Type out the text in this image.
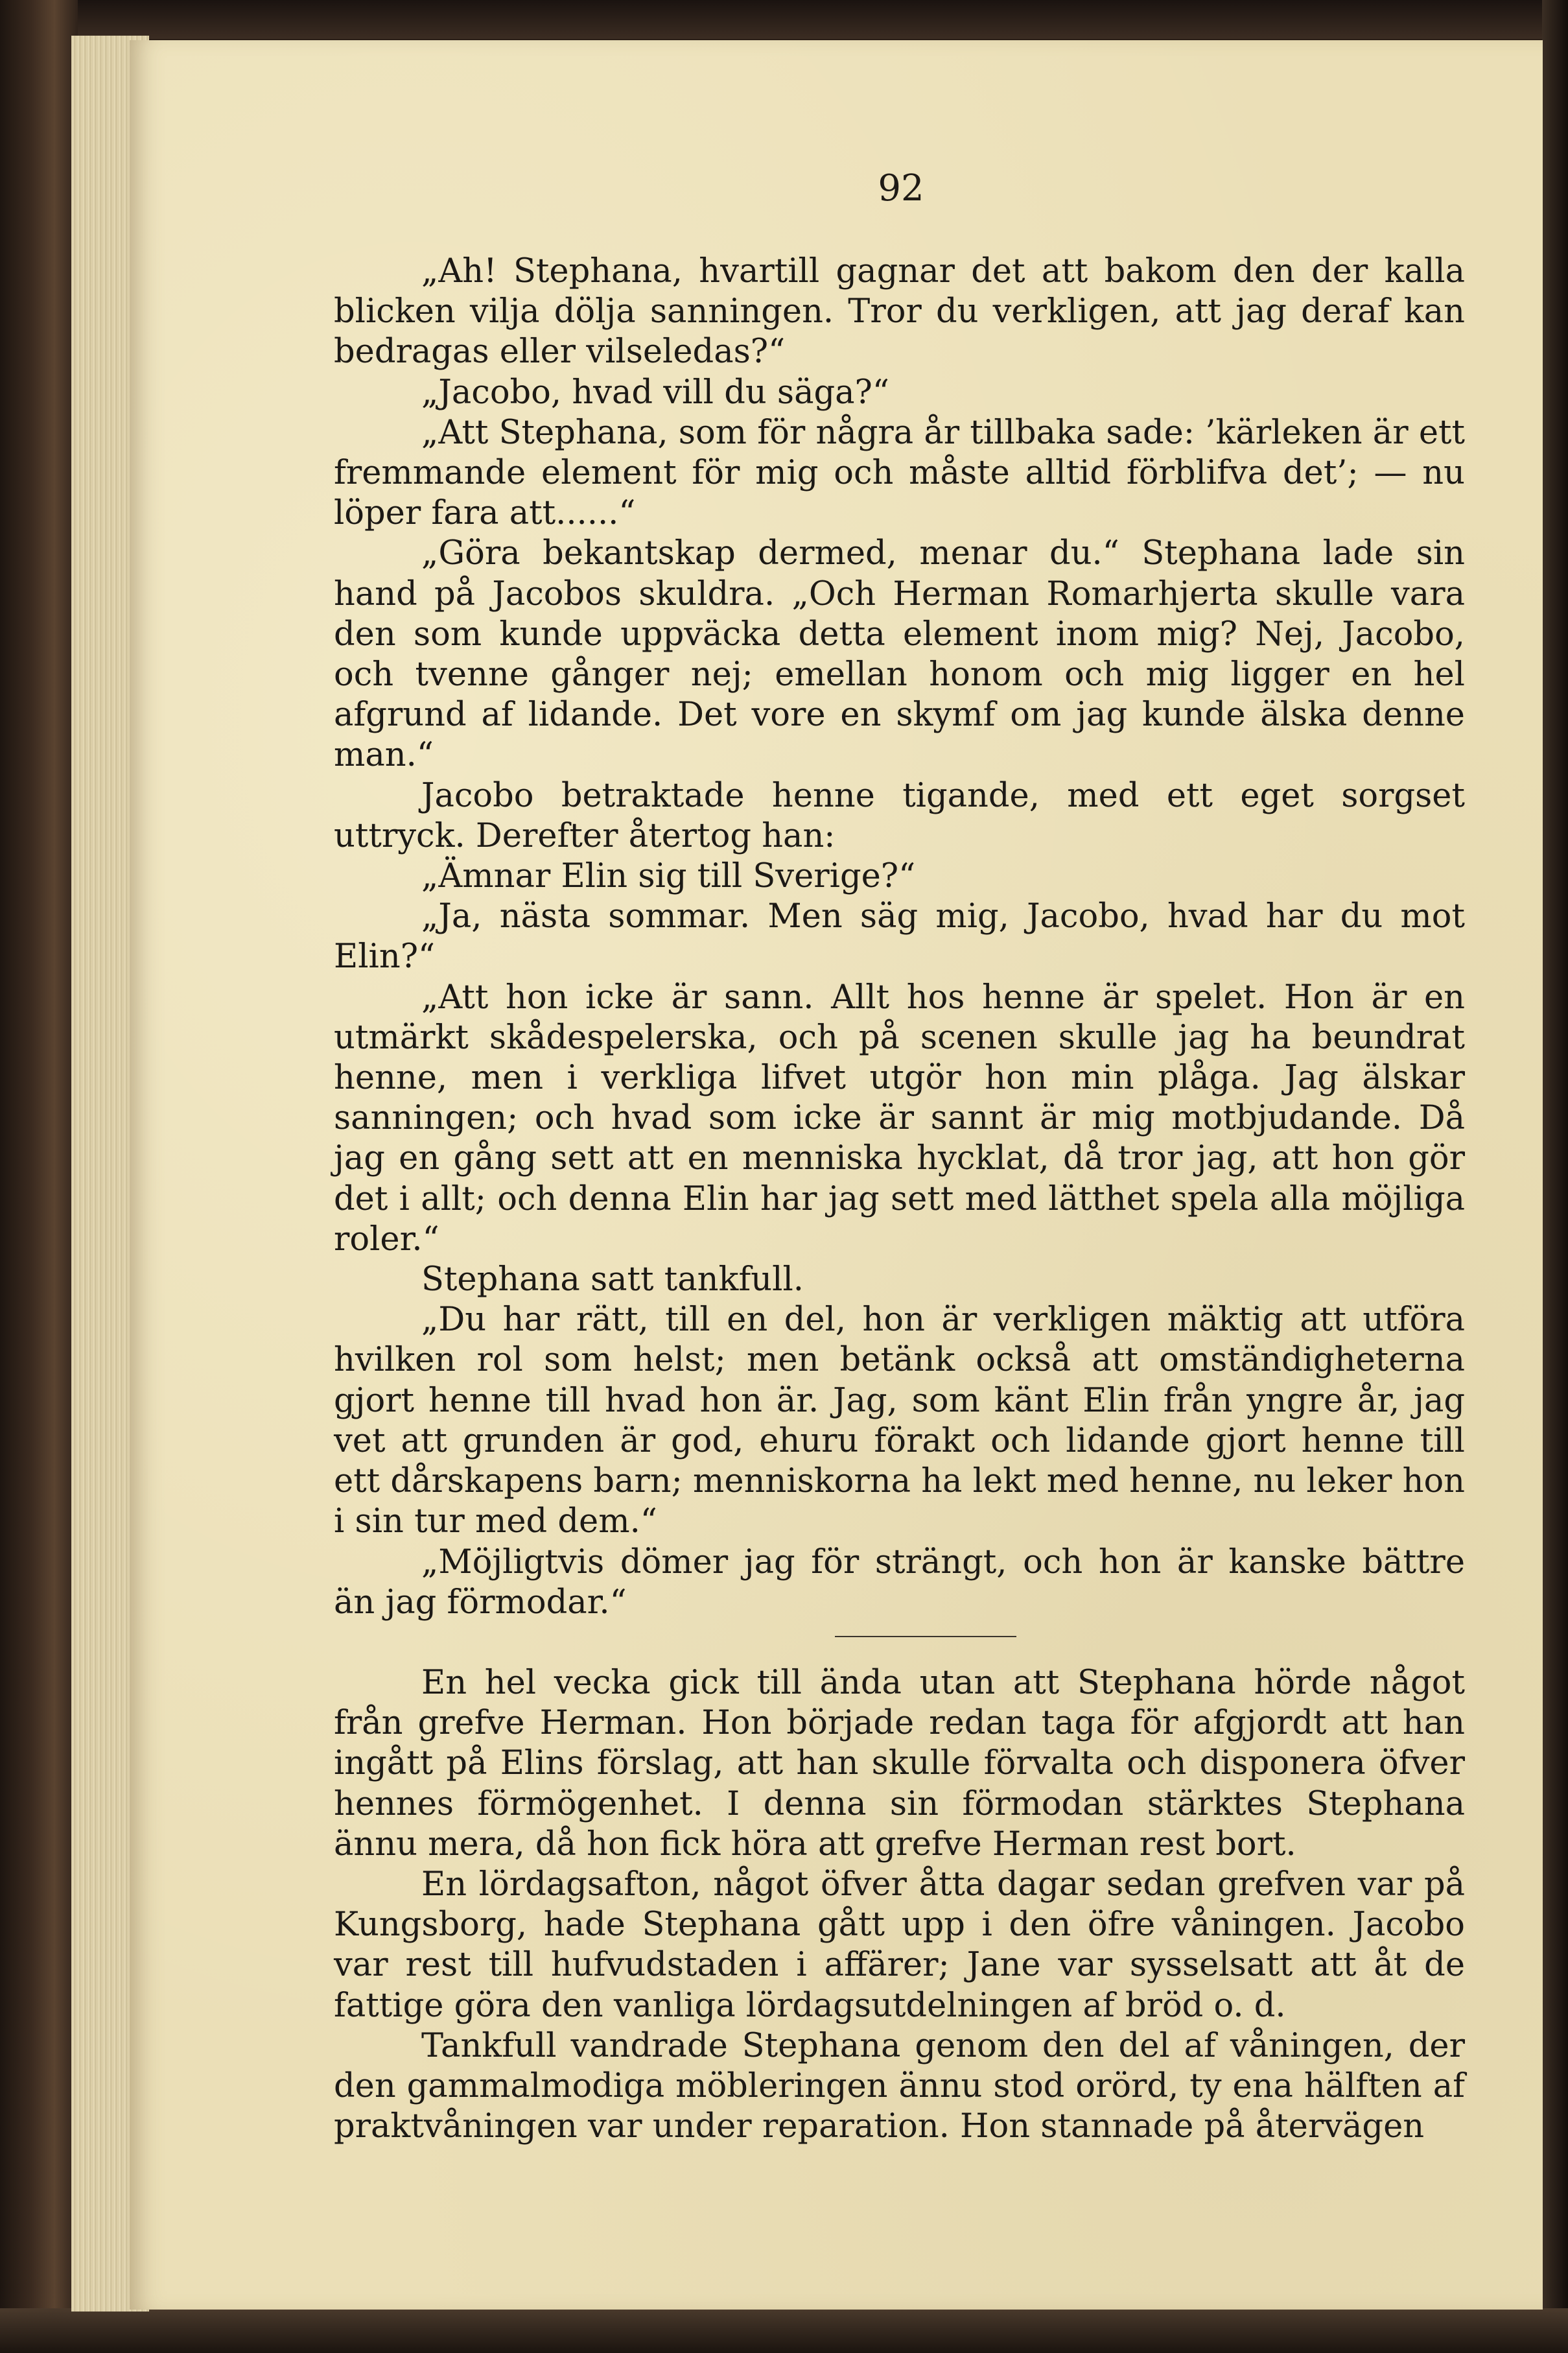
92

„Ah! Stephana, hvartill gagnar det att bakom den der kalla blicken vilja dölja sanningen. Tror du verkligen, att jag deraf kan bedragas eller vilseledas?“

„Jacobo, hvad vill du säga?“

„Att Stephana, som för några år tillbaka sade: ’kärleken är ett fremmande element för mig och måste alltid förblifva det’; — nu löper fara att......“

„Göra bekantskap dermed, menar du.“ Stephana lade sin hand på Jacobos skuldra. „Och Herman Romarhjerta skulle vara den som kunde uppväcka detta element inom mig? Nej, Jacobo, och tvenne gånger nej; emellan honom och mig ligger en hel afgrund af lidande. Det vore en skymf om jag kunde älska denne man.“

Jacobo betraktade henne tigande, med ett eget sorgset uttryck. Derefter återtog han:

„Ämnar Elin sig till Sverige?“

„Ja, nästa sommar. Men säg mig, Jacobo, hvad har du mot Elin?“

„Att hon icke är sann. Allt hos henne är spelet. Hon är en utmärkt skådespelerska, och på scenen skulle jag ha beundrat henne, men i verkliga lifvet utgör hon min plåga. Jag älskar sanningen; och hvad som icke är sannt är mig motbjudande. Då jag en gång sett att en menniska hycklat, då tror jag, att hon gör det i allt; och denna Elin har jag sett med lätthet spela alla möjliga roler.“

Stephana satt tankfull.

„Du har rätt, till en del, hon är verkligen mäktig att utföra hvilken rol som helst; men betänk också att omständigheterna gjort henne till hvad hon är. Jag, som känt Elin från yngre år, jag vet att grunden är god, ehuru förakt och lidande gjort henne till ett dårskapens barn; menniskorna ha lekt med henne, nu leker hon i sin tur med dem.“

„Möjligtvis dömer jag för strängt, och hon är kanske bättre än jag förmodar.“

En hel vecka gick till ända utan att Stephana hörde något från grefve Herman. Hon började redan taga för afgjordt att han ingått på Elins förslag, att han skulle förvalta och disponera öfver hennes förmögenhet. I denna sin förmodan stärktes Stephana ännu mera, då hon fick höra att grefve Herman rest bort.

En lördagsafton, något öfver åtta dagar sedan grefven var på Kungsborg, hade Stephana gått upp i den öfre våningen. Jacobo var rest till hufvudstaden i affärer; Jane var sysselsatt att åt de fattige göra den vanliga lördagsutdelningen af bröd o. d.

Tankfull vandrade Stephana genom den del af våningen, der den gammalmodiga möbleringen ännu stod orörd, ty ena hälften af praktvåningen var under reparation. Hon stannade på återvägen
